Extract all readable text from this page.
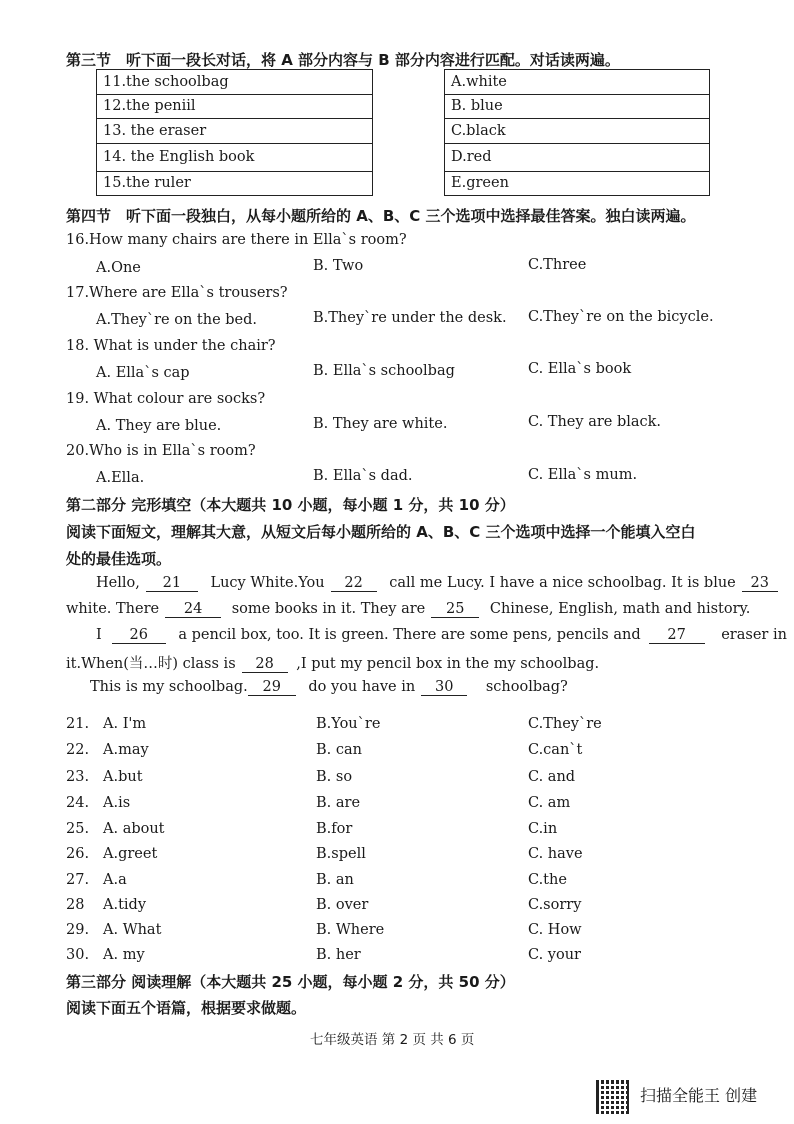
第三节　听下面一段长对话，将 A 部分内容与 B 部分内容进行匹配。对话读两遍。
11.the schoolbag
12.the peniil
13. the eraser
14. the English book
15.the ruler
A.white
B. blue
C.black
D.red
E.green
第四节　听下面一段独白，从每小题所给的 A、B、C 三个选项中选择最佳答案。独白读两遍。
16.How many chairs are there in Ella`s room?
A.One	B. Two	C.Three
17.Where are Ella`s trousers?
A.They`re on the bed.	B.They`re under the desk. C.They`re on the bicycle.
18. What is under the chair?
A. Ella`s cap	B. Ella`s schoolbag	C. Ella`s book
19. What colour are socks?
A. They are blue.	B. They are white.	C. They are black.
20.Who is in Ella`s room?
A.Ella.	B. Ella`s dad.	C. Ella`s mum.
第二部分 完形填空（本大题共 10 小题，每小题 1 分，共 10 分）
阅读下面短文，理解其大意，从短文后每小题所给的 A、B、C 三个选项中选择一个能填入空白
处的最佳选项。
Hello, 21 Lucy White.You 22 call me Lucy. I have a nice schoolbag. It is blue 23
white. There 24 some books in it. They are 25 Chinese, English, math and history.
I 26 a pencil box, too. It is green. There are some pens, pencils and 27 eraser in
it.When(当…时) class is 28 ,I put my pencil box in the my schoolbag.
This is my schoolbag. 29 do you have in 30 schoolbag?
21. A. I'm	B.You`re	C.They`re
22. A.may	B. can	C.can`t
23. A.but	B. so	C. and
24. A.is	B. are	C. am
25. A. about	B.for	C.in
26. A.greet	B.spell	C. have
27. A.a	B. an	C.the
28 A.tidy	B. over	C.sorry
29. A. What	B. Where	C. How
30. A. my	B. her	C. your
第三部分 阅读理解（本大题共 25 小题，每小题 2 分，共 50 分）
阅读下面五个语篇，根据要求做题。
七年级英语 第 2 页 共 6 页
扫描全能王 创建
